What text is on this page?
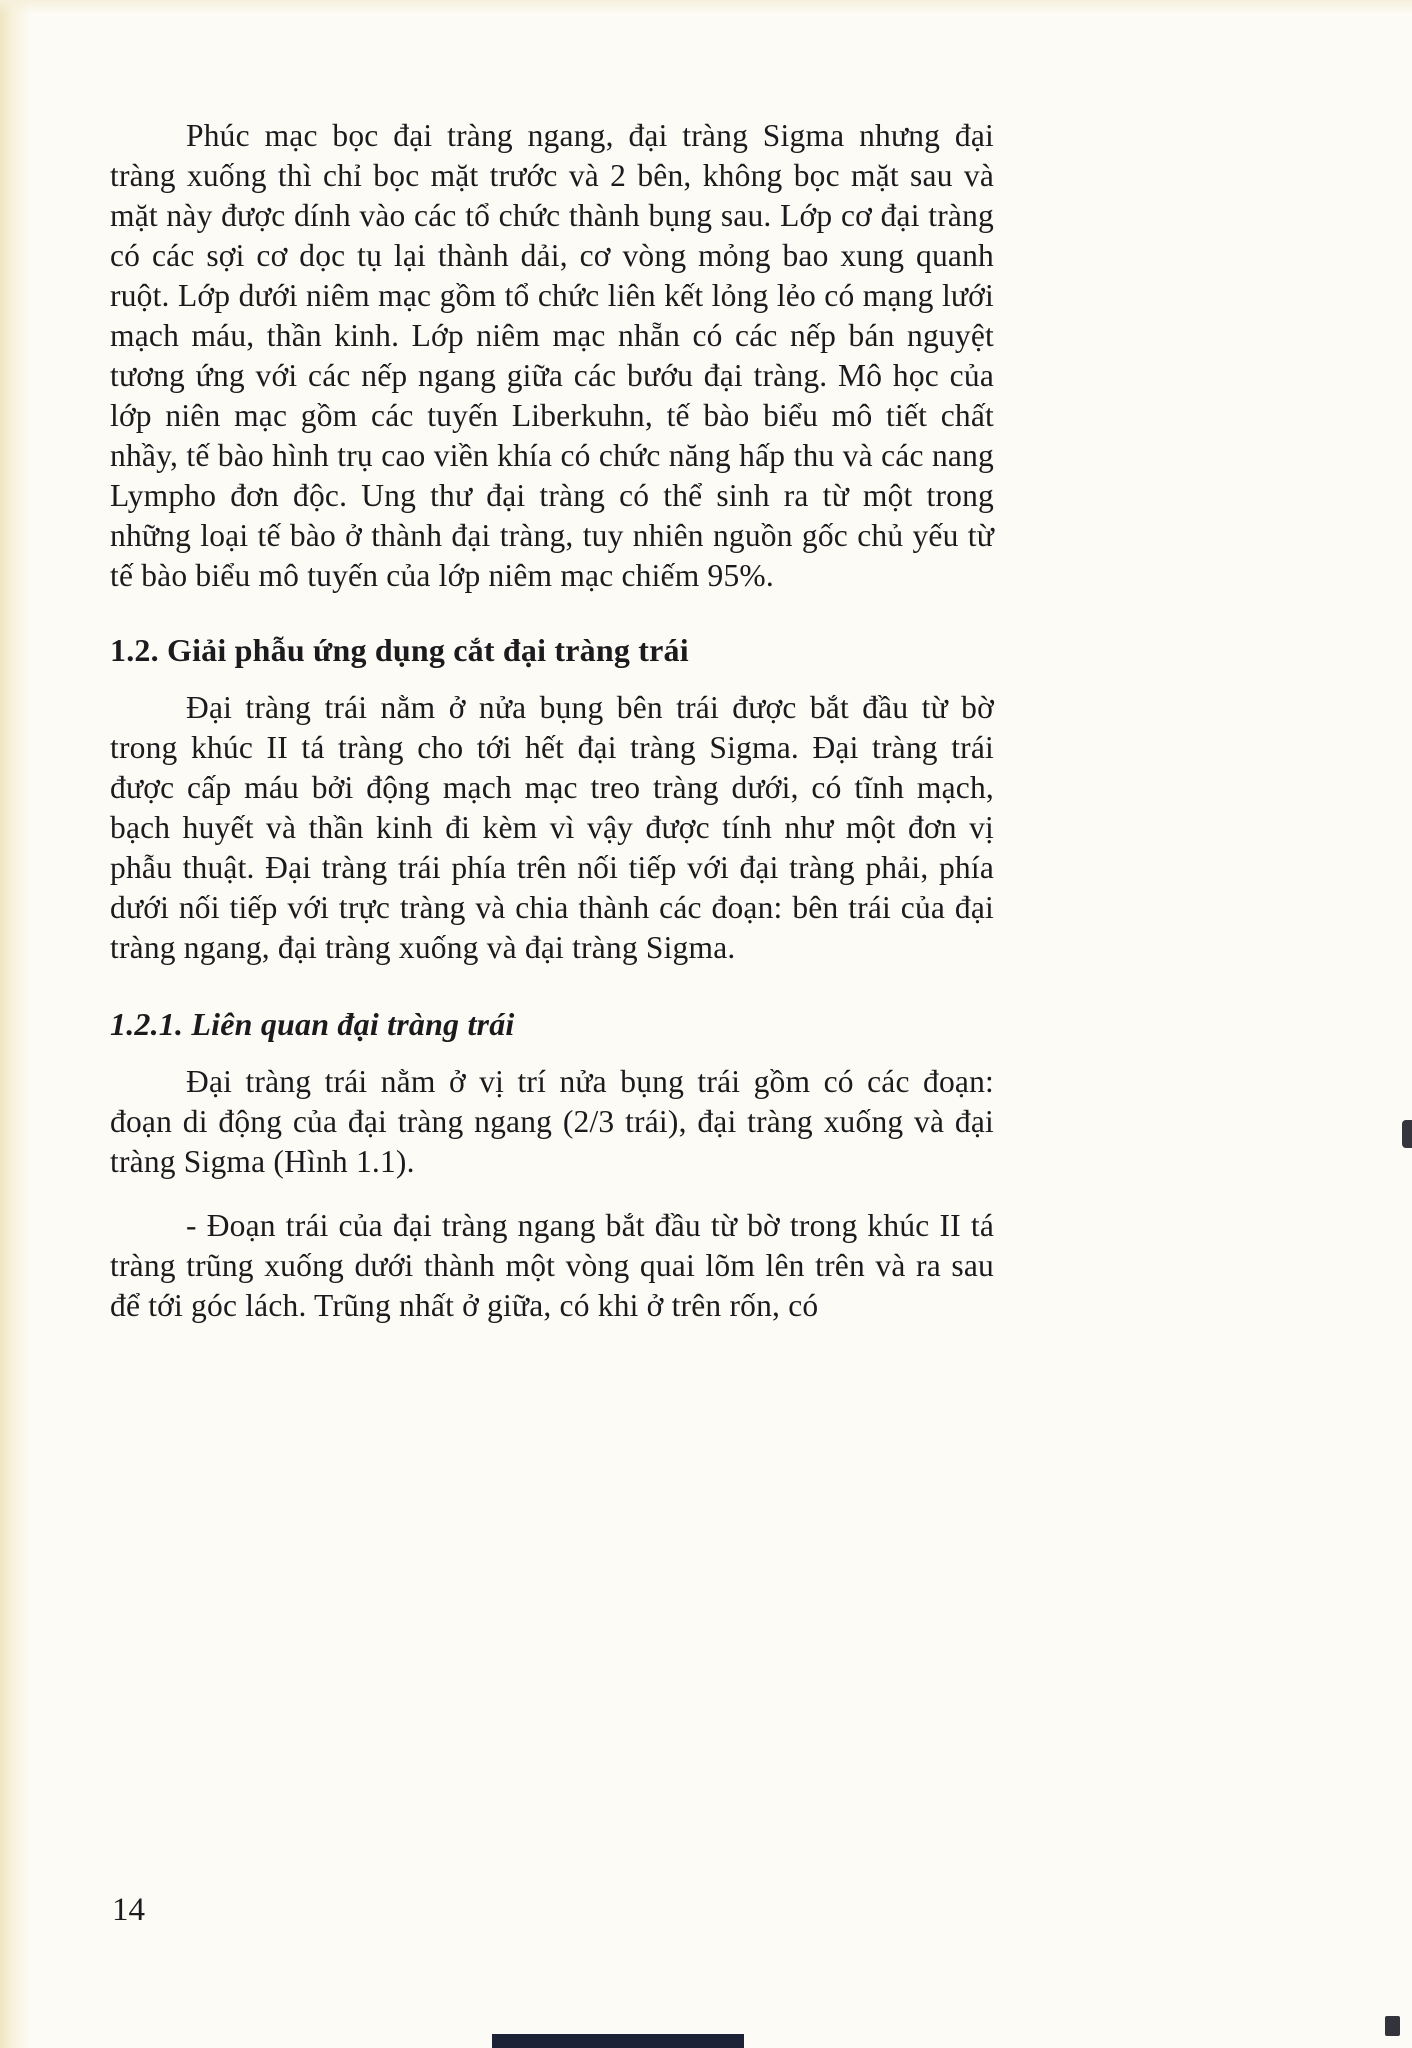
Phúc mạc bọc đại tràng ngang, đại tràng Sigma nhưng đại tràng xuống thì chỉ bọc mặt trước và 2 bên, không bọc mặt sau và mặt này được dính vào các tổ chức thành bụng sau. Lớp cơ đại tràng có các sợi cơ dọc tụ lại thành dải, cơ vòng mỏng bao xung quanh ruột. Lớp dưới niêm mạc gồm tổ chức liên kết lỏng lẻo có mạng lưới mạch máu, thần kinh. Lớp niêm mạc nhẵn có các nếp bán nguyệt tương ứng với các nếp ngang giữa các bướu đại tràng. Mô học của lớp niên mạc gồm các tuyến Liberkuhn, tế bào biểu mô tiết chất nhầy, tế bào hình trụ cao viền khía có chức năng hấp thu và các nang Lympho đơn độc. Ung thư đại tràng có thể sinh ra từ một trong những loại tế bào ở thành đại tràng, tuy nhiên nguồn gốc chủ yếu từ tế bào biểu mô tuyến của lớp niêm mạc chiếm 95%.

1.2. Giải phẫu ứng dụng cắt đại tràng trái

Đại tràng trái nằm ở nửa bụng bên trái được bắt đầu từ bờ trong khúc II tá tràng cho tới hết đại tràng Sigma. Đại tràng trái được cấp máu bởi động mạch mạc treo tràng dưới, có tĩnh mạch, bạch huyết và thần kinh đi kèm vì vậy được tính như một đơn vị phẫu thuật. Đại tràng trái phía trên nối tiếp với đại tràng phải, phía dưới nối tiếp với trực tràng và chia thành các đoạn: bên trái của đại tràng ngang, đại tràng xuống và đại tràng Sigma.

1.2.1. Liên quan đại tràng trái

Đại tràng trái nằm ở vị trí nửa bụng trái gồm có các đoạn: đoạn di động của đại tràng ngang (2/3 trái), đại tràng xuống và đại tràng Sigma (Hình 1.1).

- Đoạn trái của đại tràng ngang bắt đầu từ bờ trong khúc II tá tràng trũng xuống dưới thành một vòng quai lõm lên trên và ra sau để tới góc lách. Trũng nhất ở giữa, có khi ở trên rốn, có

14
